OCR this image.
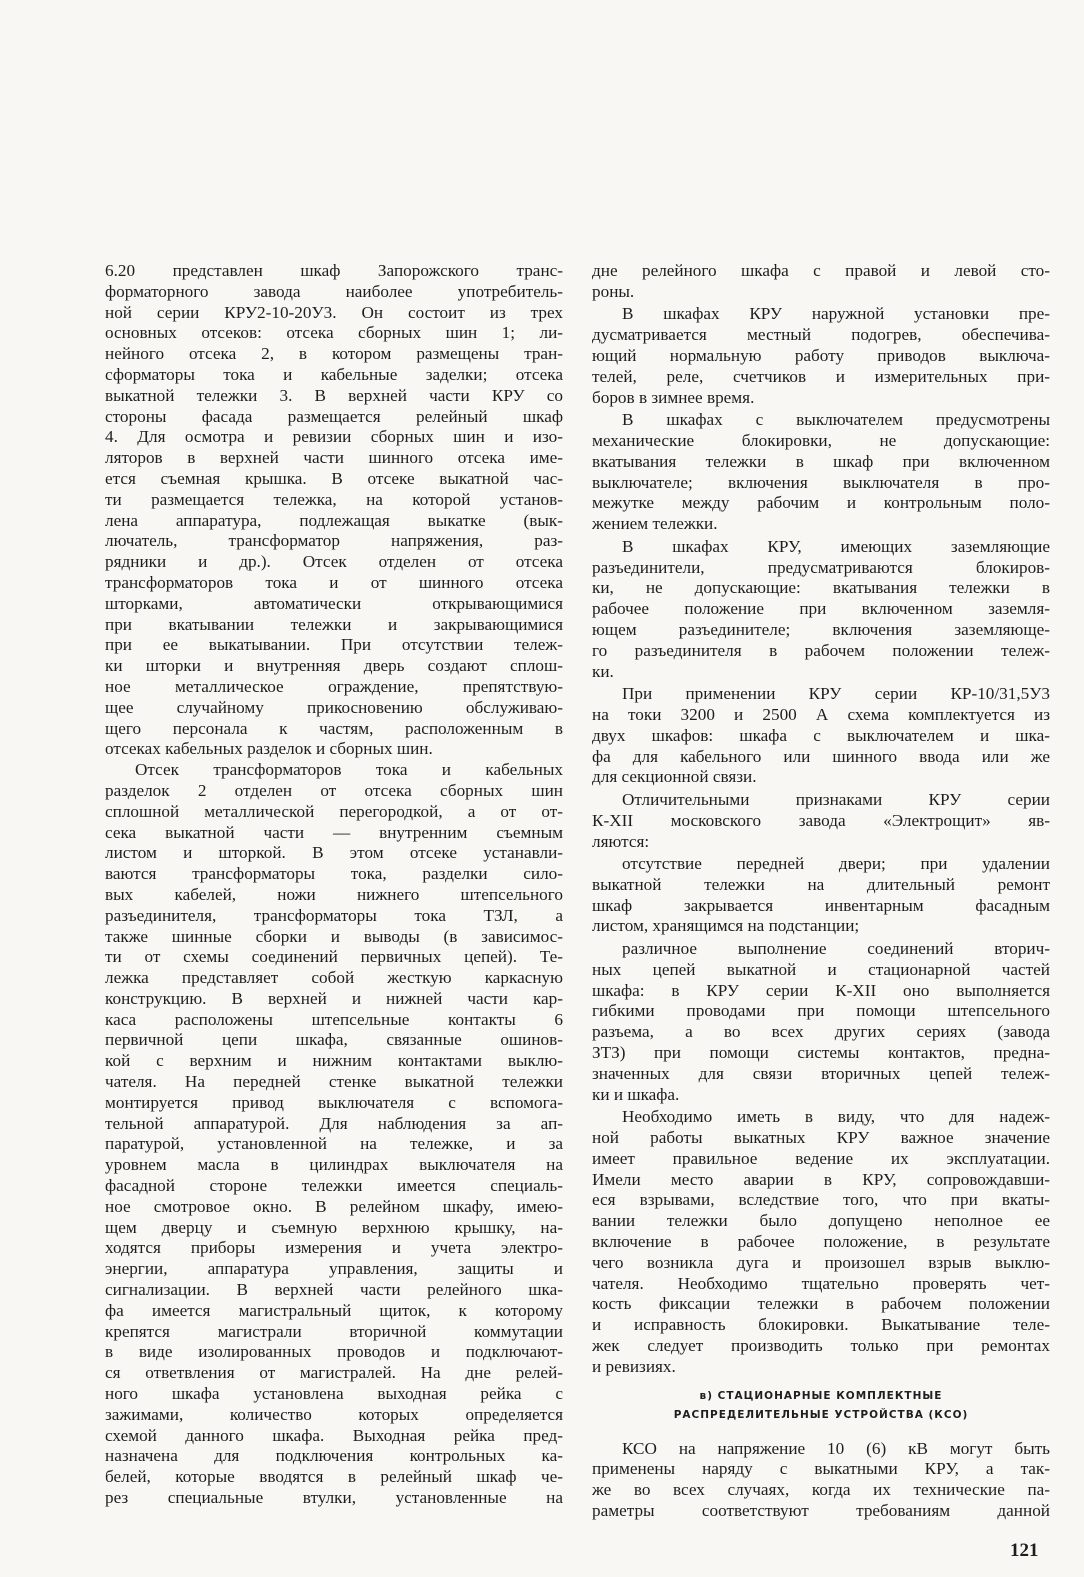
6.20 представлен шкаф Запорожского транс-
форматорного завода наиболее употребитель-
ной серии КРУ2-10-20У3. Он состоит из трех
основных отсеков: отсека сборных шин 1; ли-
нейного отсека 2, в котором размещены тран-
сформаторы тока и кабельные заделки; отсека
выкатной тележки 3. В верхней части КРУ со
стороны фасада размещается релейный шкаф
4. Для осмотра и ревизии сборных шин и изо-
ляторов в верхней части шинного отсека име-
ется съемная крышка. В отсеке выкатной час-
ти размещается тележка, на которой установ-
лена аппаратура, подлежащая выкатке (вык-
лючатель, трансформатор напряжения, раз-
рядники и др.). Отсек отделен от отсека
трансформаторов тока и от шинного отсека
шторками, автоматически открывающимися
при вкатывании тележки и закрывающимися
при ее выкатывании. При отсутствии тележ-
ки шторки и внутренняя дверь создают сплош-
ное металлическое ограждение, препятствую-
щее случайному прикосновению обслуживаю-
щего персонала к частям, расположенным в
отсеках кабельных разделок и сборных шин.
Отсек трансформаторов тока и кабельных
разделок 2 отделен от отсека сборных шин
сплошной металлической перегородкой, а от от-
сека выкатной части — внутренним съемным
листом и шторкой. В этом отсеке устанавли-
ваются трансформаторы тока, разделки сило-
вых кабелей, ножи нижнего штепсельного
разъединителя, трансформаторы тока ТЗЛ, а
также шинные сборки и выводы (в зависимос-
ти от схемы соединений первичных цепей). Те-
лежка представляет собой жесткую каркасную
конструкцию. В верхней и нижней части кар-
каса расположены штепсельные контакты 6
первичной цепи шкафа, связанные ошинов-
кой с верхним и нижним контактами выклю-
чателя. На передней стенке выкатной тележки
монтируется привод выключателя с вспомога-
тельной аппаратурой. Для наблюдения за ап-
паратурой, установленной на тележке, и за
уровнем масла в цилиндрах выключателя на
фасадной стороне тележки имеется специаль-
ное смотровое окно. В релейном шкафу, имею-
щем дверцу и съемную верхнюю крышку, на-
ходятся приборы измерения и учета электро-
энергии, аппаратура управления, защиты и
сигнализации. В верхней части релейного шка-
фа имеется магистральный щиток, к которому
крепятся магистрали вторичной коммутации
в виде изолированных проводов и подключают-
ся ответвления от магистралей. На дне релей-
ного шкафа установлена выходная рейка с
зажимами, количество которых определяется
схемой данного шкафа. Выходная рейка пред-
назначена для подключения контрольных ка-
белей, которые вводятся в релейный шкаф че-
рез специальные втулки, установленные на
дне релейного шкафа с правой и левой сто-
роны.
В шкафах КРУ наружной установки пре-
дусматривается местный подогрев, обеспечива-
ющий нормальную работу приводов выключа-
телей, реле, счетчиков и измерительных при-
боров в зимнее время.
В шкафах с выключателем предусмотрены
механические блокировки, не допускающие:
вкатывания тележки в шкаф при включенном
выключателе; включения выключателя в про-
межутке между рабочим и контрольным поло-
жением тележки.
В шкафах КРУ, имеющих заземляющие
разъединители, предусматриваются блокиров-
ки, не допускающие: вкатывания тележки в
рабочее положение при включенном заземля-
ющем разъединителе; включения заземляюще-
го разъединителя в рабочем положении тележ-
ки.
При применении КРУ серии КР-10/31,5У3
на токи 3200 и 2500 А схема комплектуется из
двух шкафов: шкафа с выключателем и шка-
фа для кабельного или шинного ввода или же
для секционной связи.
Отличительными признаками КРУ серии
К-XII московского завода «Электрощит» яв-
ляются:
отсутствие передней двери; при удалении
выкатной тележки на длительный ремонт
шкаф закрывается инвентарным фасадным
листом, хранящимся на подстанции;
различное выполнение соединений вторич-
ных цепей выкатной и стационарной частей
шкафа: в КРУ серии К-XII оно выполняется
гибкими проводами при помощи штепсельного
разъема, а во всех других сериях (завода
ЗТЗ) при помощи системы контактов, предна-
значенных для связи вторичных цепей тележ-
ки и шкафа.
Необходимо иметь в виду, что для надеж-
ной работы выкатных КРУ важное значение
имеет правильное ведение их эксплуатации.
Имели место аварии в КРУ, сопровождавши-
еся взрывами, вследствие того, что при вкаты-
вании тележки было допущено неполное ее
включение в рабочее положение, в результате
чего возникла дуга и произошел взрыв выклю-
чателя. Необходимо тщательно проверять чет-
кость фиксации тележки в рабочем положении
и исправность блокировки. Выкатывание теле-
жек следует производить только при ремонтах
и ревизиях.
в) СТАЦИОНАРНЫЕ КОМПЛЕКТНЫЕ
РАСПРЕДЕЛИТЕЛЬНЫЕ УСТРОЙСТВА (КСО)
КСО на напряжение 10 (6) кВ могут быть
применены наряду с выкатными КРУ, а так-
же во всех случаях, когда их технические па-
раметры соответствуют требованиям данной
121
